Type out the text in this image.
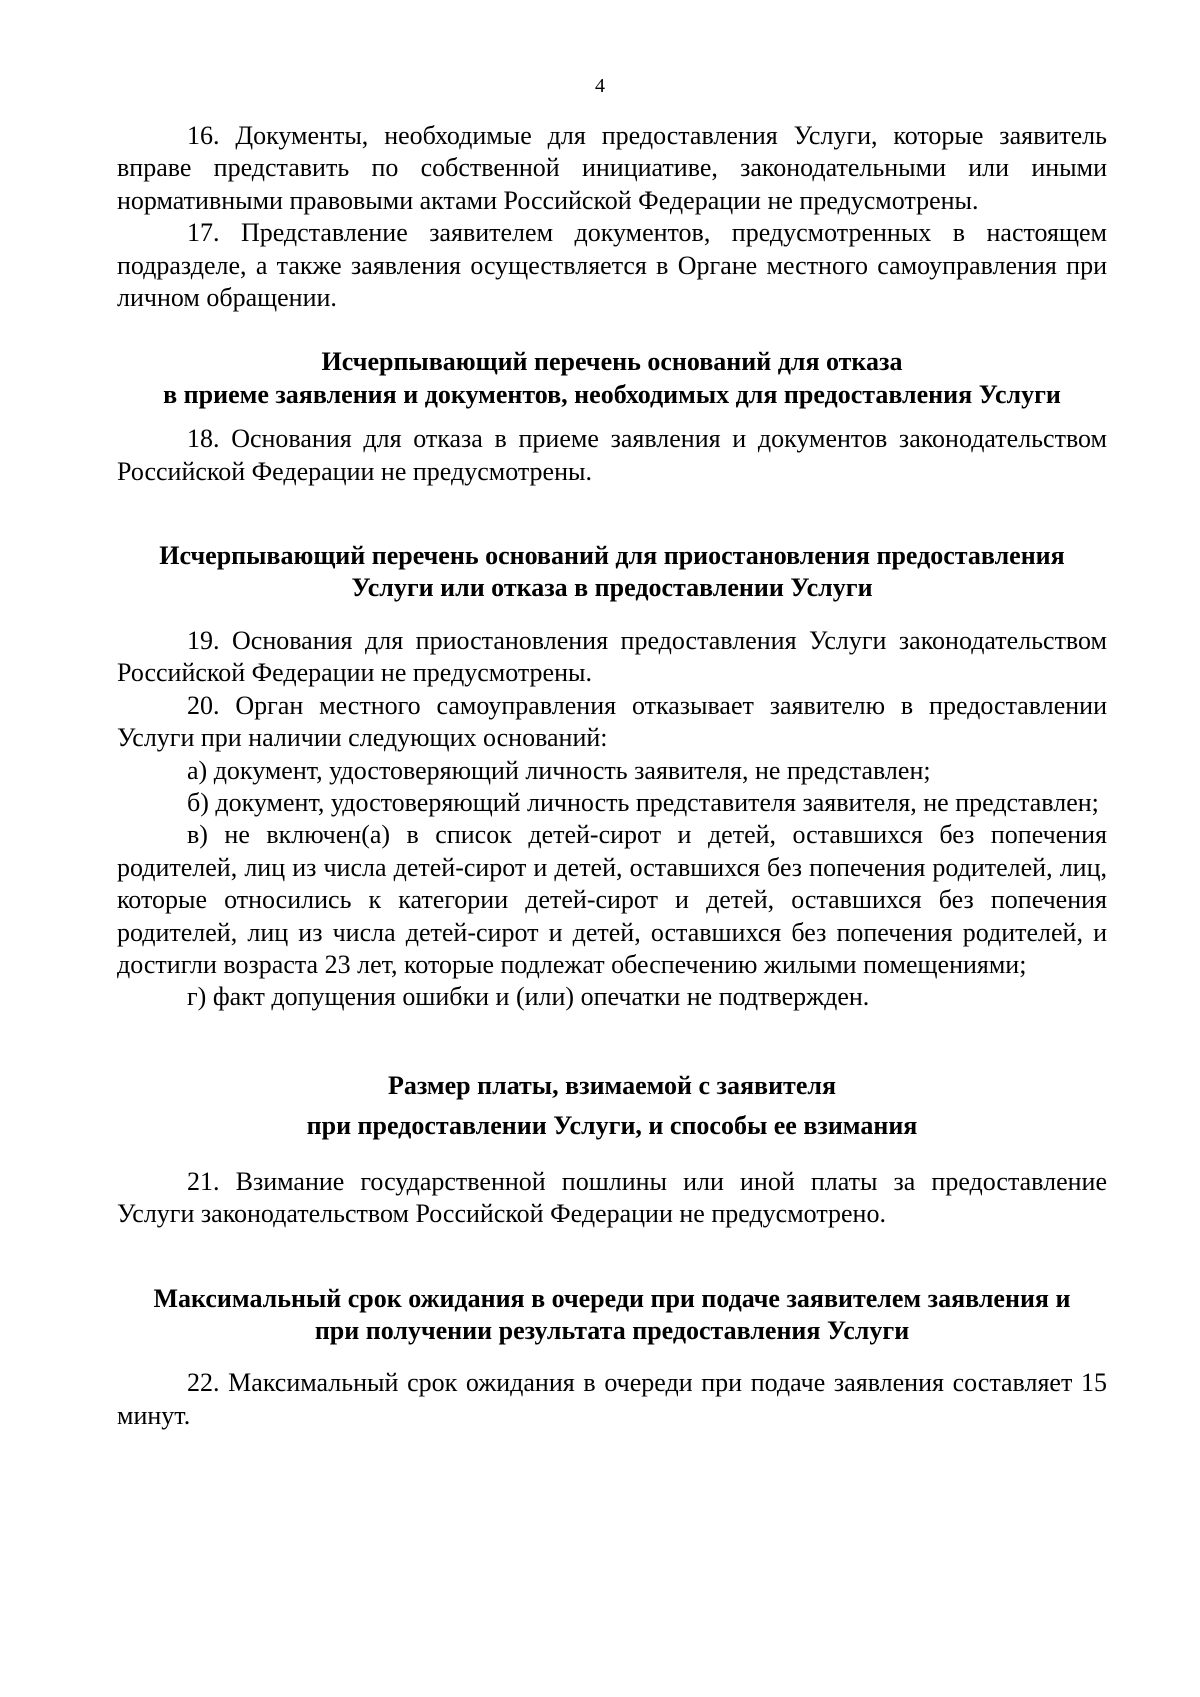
4

16. Документы, необходимые для предоставления Услуги, которые заявитель вправе представить по собственной инициативе, законодательными или иными нормативными правовыми актами Российской Федерации не предусмотрены.

17. Представление заявителем документов, предусмотренных в настоящем подразделе, а также заявления осуществляется в Органе местного самоуправления при личном обращении.

Исчерпывающий перечень оснований для отказа
в приеме заявления и документов, необходимых для предоставления Услуги

18. Основания для отказа в приеме заявления и документов законодательством Российской Федерации не предусмотрены.

Исчерпывающий перечень оснований для приостановления предоставления
Услуги или отказа в предоставлении Услуги

19. Основания для приостановления предоставления Услуги законодательством Российской Федерации не предусмотрены.

20. Орган местного самоуправления отказывает заявителю в предоставлении Услуги при наличии следующих оснований:

а) документ, удостоверяющий личность заявителя, не представлен;

б) документ, удостоверяющий личность представителя заявителя, не представлен;

в) не включен(а) в список детей-сирот и детей, оставшихся без попечения родителей, лиц из числа детей-сирот и детей, оставшихся без попечения родителей, лиц, которые относились к категории детей-сирот и детей, оставшихся без попечения родителей, лиц из числа детей-сирот и детей, оставшихся без попечения родителей, и достигли возраста 23 лет, которые подлежат обеспечению жилыми помещениями;

г) факт допущения ошибки и (или) опечатки не подтвержден.

Размер платы, взимаемой с заявителя
при предоставлении Услуги, и способы ее взимания

21. Взимание государственной пошлины или иной платы за предоставление Услуги законодательством Российской Федерации не предусмотрено.

Максимальный срок ожидания в очереди при подаче заявителем заявления и
при получении результата предоставления Услуги

22. Максимальный срок ожидания в очереди при подаче заявления составляет 15 минут.
